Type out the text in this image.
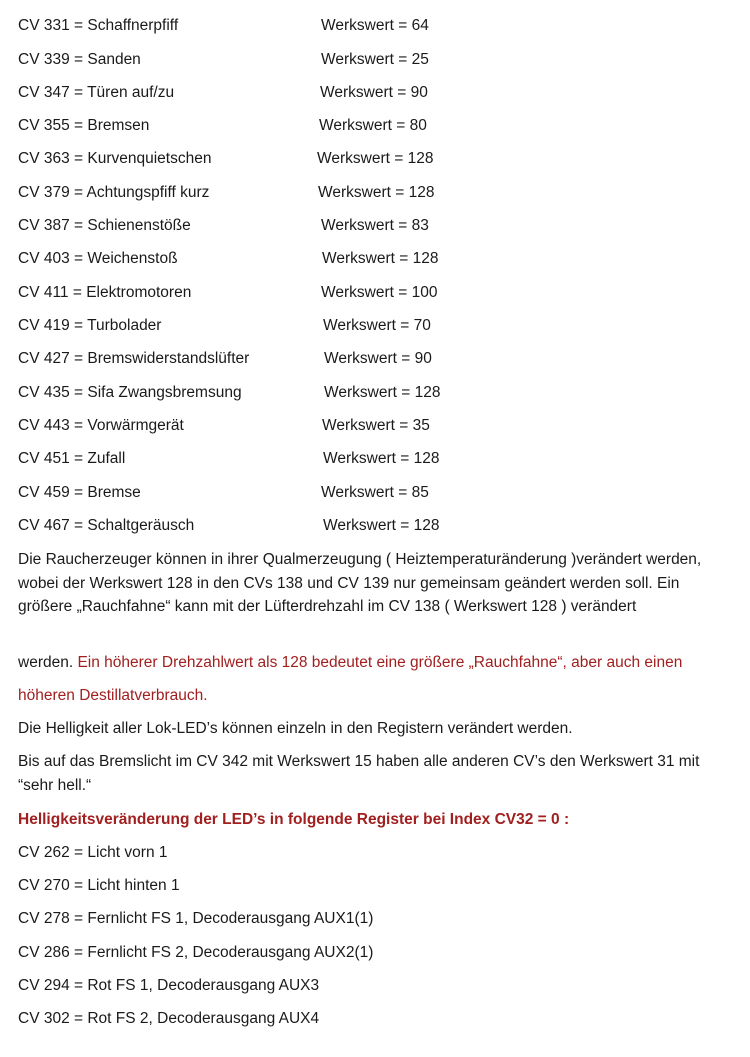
CV 331 = Schaffnerpfiff	Werkswert = 64
CV 339 = Sanden	Werkswert = 25
CV 347 = Türen auf/zu	Werkswert = 90
CV 355 = Bremsen	Werkswert = 80
CV 363 = Kurvenquietschen	Werkswert = 128
CV 379 = Achtungspfiff kurz	Werkswert = 128
CV 387 = Schienenstöße	Werkswert = 83
CV 403 = Weichenstoß	Werkswert = 128
CV 411 = Elektromotoren	Werkswert = 100
CV 419 = Turbolader	Werkswert = 70
CV 427 = Bremswiderstandslüfter	Werkswert = 90
CV 435 = Sifa Zwangsbremsung	Werkswert = 128
CV 443 = Vorwärmgerät	Werkswert = 35
CV 451 = Zufall	Werkswert = 128
CV 459 = Bremse	Werkswert = 85
CV 467 = Schaltgeräusch	Werkswert = 128

Die Raucherzeuger können in ihrer Qualmerzeugung ( Heiztemperaturänderung )verändert werden, wobei der Werkswert 128 in den CVs 138 und CV 139 nur gemeinsam geändert werden soll. Ein größere „Rauchfahne“ kann mit der Lüfterdrehzahl im CV 138 ( Werkswert 128 ) verändert

werden. Ein höherer Drehzahlwert als 128 bedeutet eine größere „Rauchfahne“, aber auch einen

höheren Destillatverbrauch.

Die Helligkeit aller Lok-LED’s können einzeln in den Registern verändert werden.

Bis auf das Bremslicht im CV 342 mit Werkswert 15 haben alle anderen CV’s den Werkswert 31 mit “sehr hell.“

Helligkeitsveränderung der LED’s in folgende Register bei Index CV32 = 0 :
CV 262 = Licht vorn 1
CV 270 = Licht hinten 1
CV 278 = Fernlicht FS 1, Decoderausgang AUX1(1)
CV 286 = Fernlicht FS 2, Decoderausgang AUX2(1)
CV 294 = Rot FS 1, Decoderausgang AUX3
CV 302 = Rot FS 2, Decoderausgang AUX4
